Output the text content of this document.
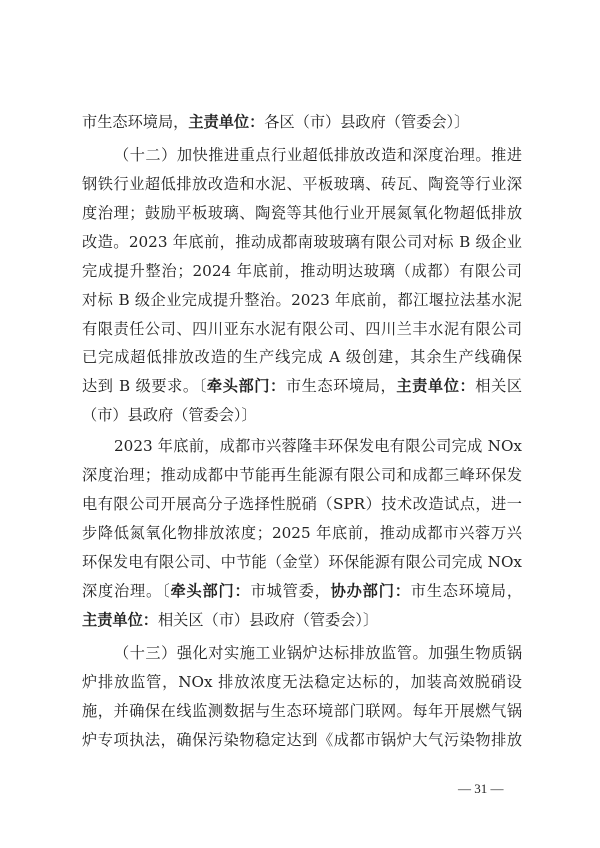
市生态环境局，主责单位：各区（市）县政府（管委会）〕
（十二）加快推进重点行业超低排放改造和深度治理。推进
钢铁行业超低排放改造和水泥、平板玻璃、砖瓦、陶瓷等行业深
度治理；鼓励平板玻璃、陶瓷等其他行业开展氮氧化物超低排放
改造。2023 年底前，推动成都南玻玻璃有限公司对标 B 级企业
完成提升整治；2024 年底前，推动明达玻璃（成都）有限公司
对标 B 级企业完成提升整治。2023 年底前，都江堰拉法基水泥
有限责任公司、四川亚东水泥有限公司、四川兰丰水泥有限公司
已完成超低排放改造的生产线完成 A 级创建，其余生产线确保
达到 B 级要求。〔牵头部门：市生态环境局，主责单位：相关区
（市）县政府（管委会）〕
2023 年底前，成都市兴蓉隆丰环保发电有限公司完成 NOx
深度治理；推动成都中节能再生能源有限公司和成都三峰环保发
电有限公司开展高分子选择性脱硝（SPR）技术改造试点，进一
步降低氮氧化物排放浓度；2025 年底前，推动成都市兴蓉万兴
环保发电有限公司、中节能（金堂）环保能源有限公司完成 NOx
深度治理。〔牵头部门：市城管委，协办部门：市生态环境局，
主责单位：相关区（市）县政府（管委会）〕
（十三）强化对实施工业锅炉达标排放监管。加强生物质锅
炉排放监管，NOx 排放浓度无法稳定达标的，加装高效脱硝设
施，并确保在线监测数据与生态环境部门联网。每年开展燃气锅
炉专项执法，确保污染物稳定达到《成都市锅炉大气污染物排放
— 31 —
